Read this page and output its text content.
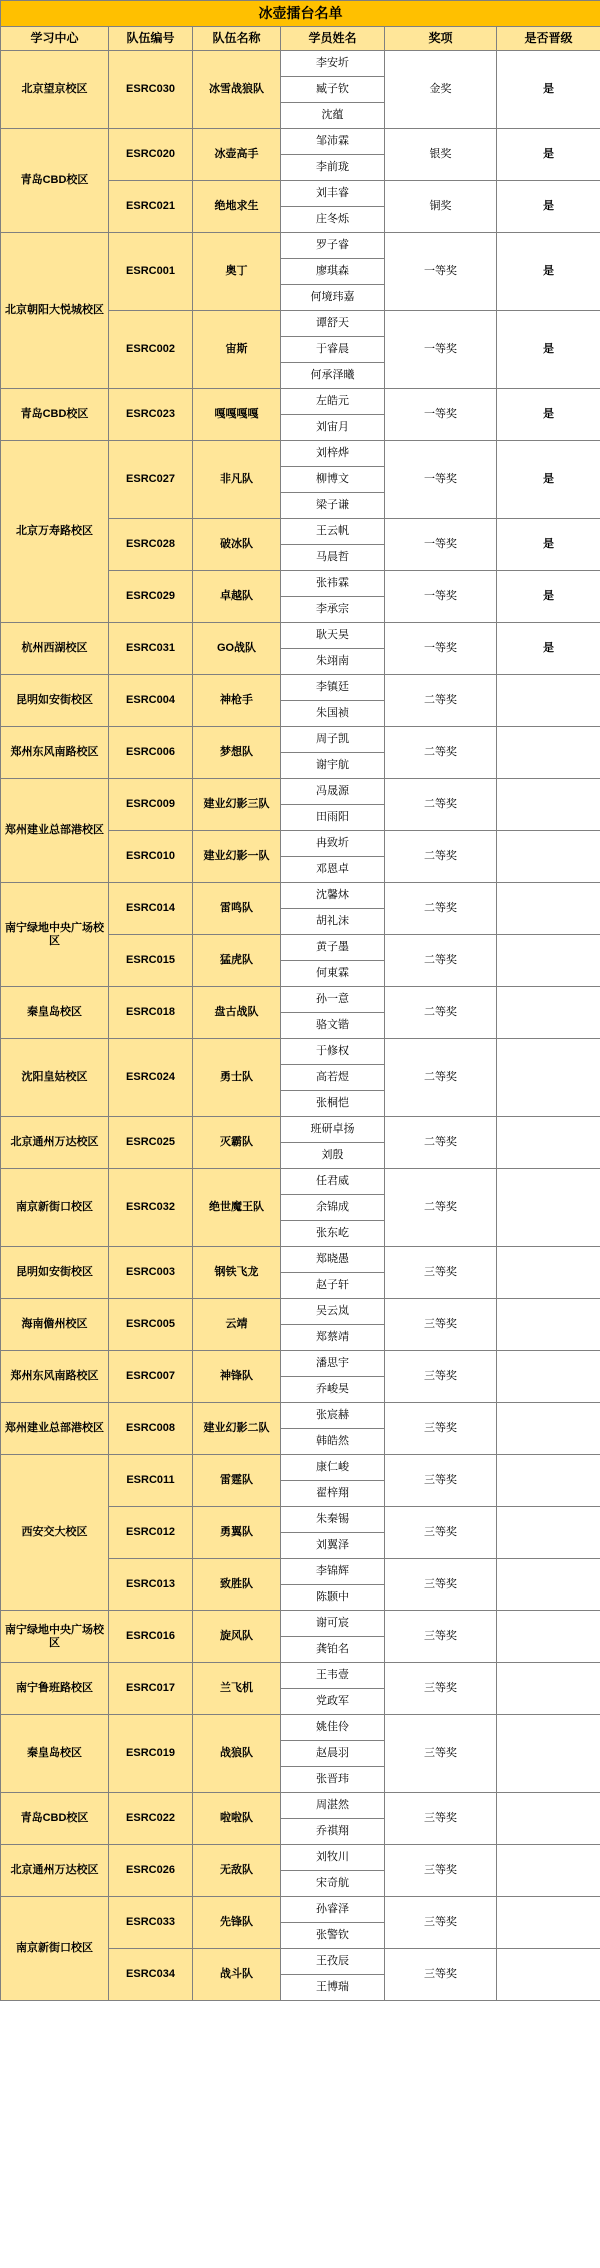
冰壶擂台名单					
学习中心	队伍编号	队伍名称	学员姓名	奖项	是否晋级
北京望京校区	ESRC030	冰雪战狼队	李安圻	金奖	是
			臧子钦		
			沈蕴		
青岛CBD校区	ESRC020	冰壶高手	邹沛霖	银奖	是
			李前珑		
	ESRC021	绝地求生	刘丰睿	铜奖	是
			庄冬烁		
北京朝阳大悦城校区	ESRC001	奥丁	罗子睿	一等奖	是
			廖琪森		
			何境玮嘉		
	ESRC002	宙斯	谭舒天	一等奖	是
			于睿晨		
			何承泽曦		
青岛CBD校区	ESRC023	嘎嘎嘎嘎	左皓元	一等奖	是
			刘宙月		
北京万寿路校区	ESRC027	非凡队	刘梓烨	一等奖	是
			柳博文		
			梁子谦		
	ESRC028	破冰队	王云帆	一等奖	是
			马晨哲		
	ESRC029	卓越队	张祎霖	一等奖	是
			李承宗		
杭州西湖校区	ESRC031	GO战队	耿天昊	一等奖	是
			朱翊南		
昆明如安街校区	ESRC004	神枪手	李镇廷	二等奖	
			朱国祯		
郑州东风南路校区	ESRC006	梦想队	周子凯	二等奖	
			谢宇航		
郑州建业总部港校区	ESRC009	建业幻影三队	冯晟源	二等奖	
			田雨阳		
	ESRC010	建业幻影一队	冉致圻	二等奖	
			邓恩卓		
南宁绿地中央广场校区	ESRC014	雷鸣队	沈馨炑	二等奖	
			胡礼沫		
	ESRC015	猛虎队	黄子墨	二等奖	
			何東霖		
秦皇岛校区	ESRC018	盘古战队	孙一意	二等奖	
			骆文锴		
沈阳皇姑校区	ESRC024	勇士队	于修权	二等奖	
			高若煜		
			张桐恺		
北京通州万达校区	ESRC025	灭霸队	班研卓扬	二等奖	
			刘殷		
南京新街口校区	ESRC032	绝世魔王队	任君威	二等奖	
			余锦成		
			张东屹		
昆明如安街校区	ESRC003	钢铁飞龙	郑晓愚	三等奖	
			赵子轩		
海南儋州校区	ESRC005	云靖	吴云岚	三等奖	
			郑蔡靖		
郑州东风南路校区	ESRC007	神锋队	潘思宇	三等奖	
			乔峻昊		
郑州建业总部港校区	ESRC008	建业幻影二队	张宸赫	三等奖	
			韩皓然		
西安交大校区	ESRC011	雷霆队	康仁峻	三等奖	
			翟梓翔		
	ESRC012	勇翼队	朱秦锡	三等奖	
			刘翼泽		
	ESRC013	致胜队	李锦辉	三等奖	
			陈颢中		
南宁绿地中央广场校区	ESRC016	旋风队	谢可宸	三等奖	
			龚铂名		
南宁鲁班路校区	ESRC017	兰飞机	王韦壹	三等奖	
			党政军		
秦皇岛校区	ESRC019	战狼队	姚佳伶	三等奖	
			赵晨羽		
			张晋玮		
青岛CBD校区	ESRC022	啦啦队	周湛然	三等奖	
			乔祺翔		
北京通州万达校区	ESRC026	无敌队	刘牧川	三等奖	
			宋奇航		
南京新街口校区	ESRC033	先锋队	孙睿泽	三等奖	
			张警钦		
	ESRC034	战斗队	王孜辰	三等奖	
			王博瑞		
